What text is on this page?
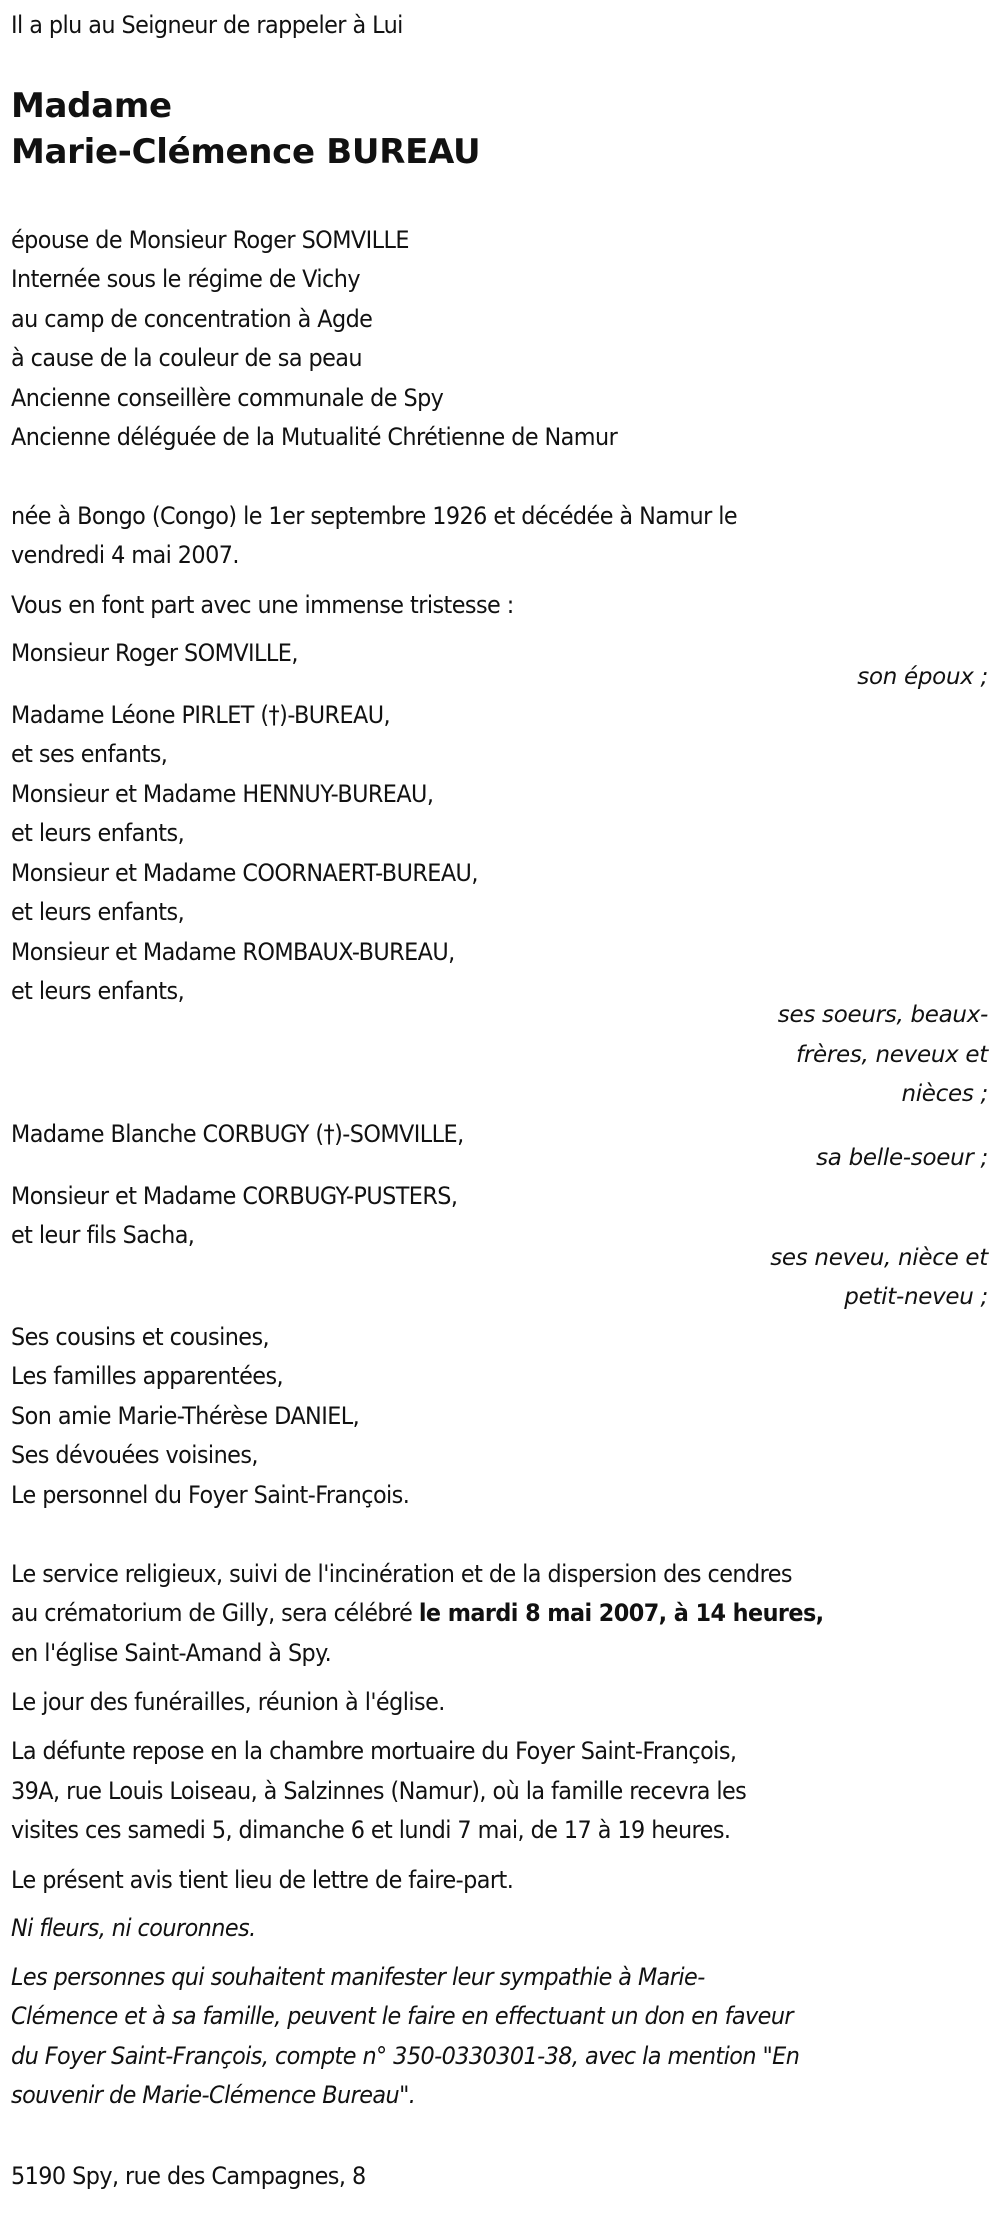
Il a plu au Seigneur de rappeler à Lui
Madame
Marie-Clémence BUREAU
épouse de Monsieur Roger SOMVILLE
Internée sous le régime de Vichy
au camp de concentration à Agde
à cause de la couleur de sa peau
Ancienne conseillère communale de Spy
Ancienne déléguée de la Mutualité Chrétienne de Namur
née à Bongo (Congo) le 1er septembre 1926 et décédée à Namur le
vendredi 4 mai 2007.
Vous en font part avec une immense tristesse :
Monsieur Roger SOMVILLE,
son époux ;
Madame Léone PIRLET (†)-BUREAU,
et ses enfants,
Monsieur et Madame HENNUY-BUREAU,
et leurs enfants,
Monsieur et Madame COORNAERT-BUREAU,
et leurs enfants,
Monsieur et Madame ROMBAUX-BUREAU,
et leurs enfants,
ses soeurs, beaux-
frères, neveux et
nièces ;
Madame Blanche CORBUGY (†)-SOMVILLE,
sa belle-soeur ;
Monsieur et Madame CORBUGY-PUSTERS,
et leur fils Sacha,
ses neveu, nièce et
petit-neveu ;
Ses cousins et cousines,
Les familles apparentées,
Son amie Marie-Thérèse DANIEL,
Ses dévouées voisines,
Le personnel du Foyer Saint-François.
Le service religieux, suivi de l'incinération et de la dispersion des cendres
au crématorium de Gilly, sera célébré le mardi 8 mai 2007, à 14 heures,
en l'église Saint-Amand à Spy.
Le jour des funérailles, réunion à l'église.
La défunte repose en la chambre mortuaire du Foyer Saint-François,
39A, rue Louis Loiseau, à Salzinnes (Namur), où la famille recevra les
visites ces samedi 5, dimanche 6 et lundi 7 mai, de 17 à 19 heures.
Le présent avis tient lieu de lettre de faire-part.
Ni fleurs, ni couronnes.
Les personnes qui souhaitent manifester leur sympathie à Marie-
Clémence et à sa famille, peuvent le faire en effectuant un don en faveur
du Foyer Saint-François, compte n° 350-0330301-38, avec la mention "En
souvenir de Marie-Clémence Bureau".
5190 Spy, rue des Campagnes, 8
